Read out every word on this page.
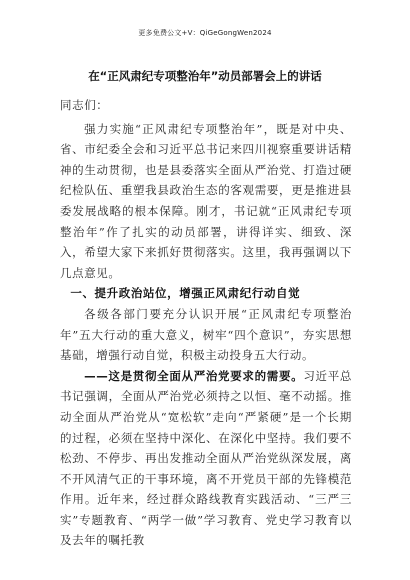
更多免费公文+V：QiGeGongWen2024
在“正风肃纪专项整治年”动员部署会上的讲话

同志们：

强力实施“正风肃纪专项整治年”，既是对中央、省、市纪委全会和习近平总书记来四川视察重要讲话精神的生动贯彻，也是县委落实全面从严治党、打造过硬纪检队伍、重塑我县政治生态的客观需要，更是推进县委发展战略的根本保障。刚才，书记就“正风肃纪专项整治年”作了扎实的动员部署，讲得详实、细致、深入，希望大家下来抓好贯彻落实。这里，我再强调以下几点意见。

一、提升政治站位，增强正风肃纪行动自觉

各级各部门要充分认识开展“正风肃纪专项整治年”五大行动的重大意义，树牢“四个意识”，夯实思想基础，增强行动自觉，积极主动投身五大行动。

——这是贯彻全面从严治党要求的需要。习近平总书记强调，全面从严治党必须持之以恒、毫不动摇。推动全面从严治党从“宽松软”走向“严紧硬”是一个长期的过程，必须在坚持中深化、在深化中坚持。我们要不松劲、不停步、再出发推动全面从严治党纵深发展，离不开风清气正的干事环境，离不开党员干部的先锋模范作用。近年来，经过群众路线教育实践活动、“三严三实”专题教育、“两学一做”学习教育、党史学习教育以及去年的嘱托教
